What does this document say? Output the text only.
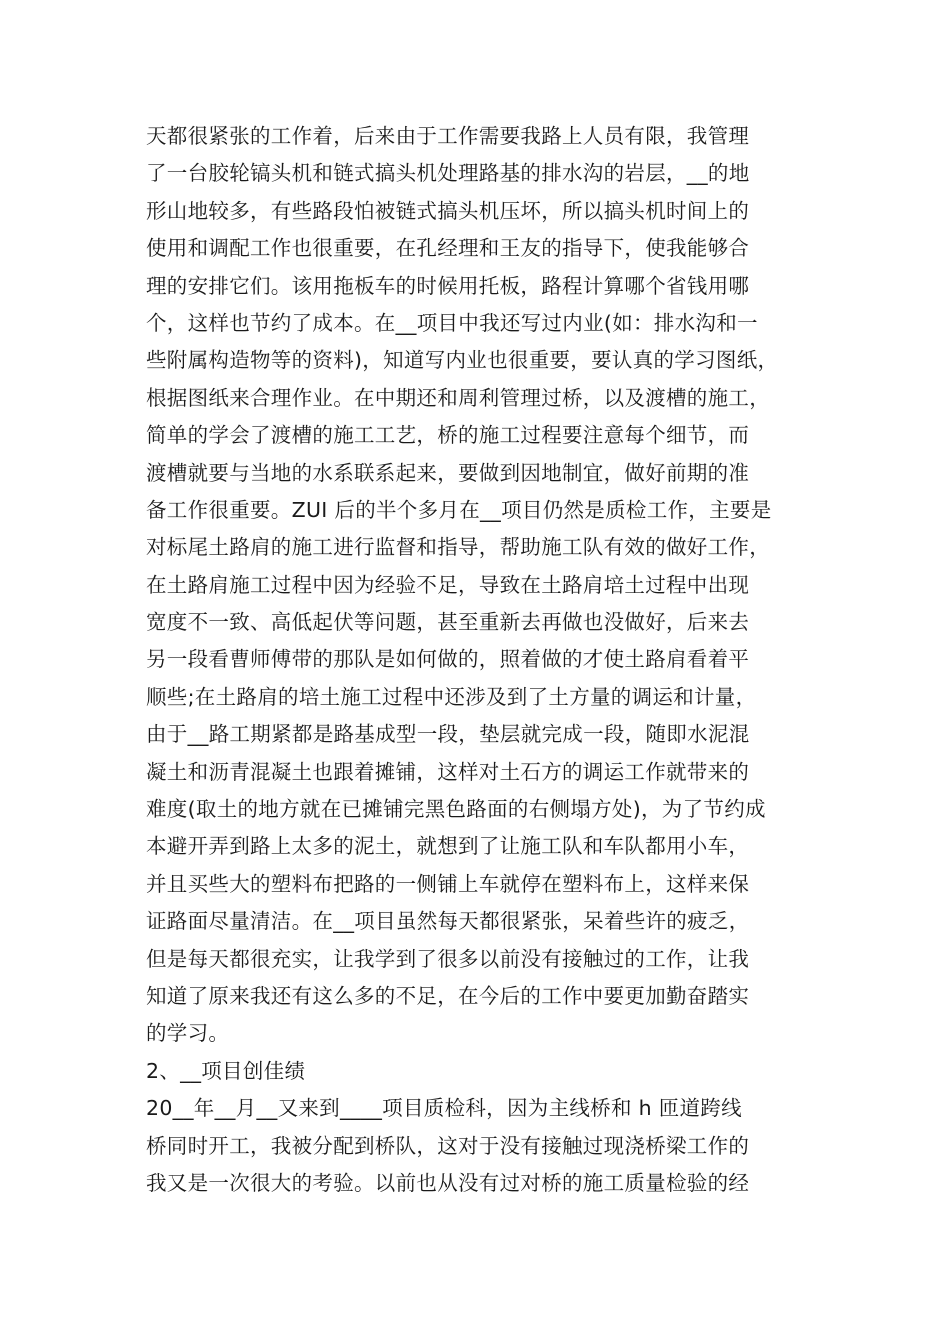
天都很紧张的工作着，后来由于工作需要我路上人员有限，我管理
了一台胶轮镐头机和链式搞头机处理路基的排水沟的岩层，__的地
形山地较多，有些路段怕被链式搞头机压坏，所以搞头机时间上的
使用和调配工作也很重要，在孔经理和王友的指导下，使我能够合
理的安排它们。该用拖板车的时候用托板，路程计算哪个省钱用哪
个，这样也节约了成本。在__项目中我还写过内业(如：排水沟和一
些附属构造物等的资料)，知道写内业也很重要，要认真的学习图纸，
根据图纸来合理作业。在中期还和周利管理过桥，以及渡槽的施工，
简单的学会了渡槽的施工工艺，桥的施工过程要注意每个细节，而
渡槽就要与当地的水系联系起来，要做到因地制宜，做好前期的准
备工作很重要。ZUI 后的半个多月在__项目仍然是质检工作，主要是
对标尾土路肩的施工进行监督和指导，帮助施工队有效的做好工作，
在土路肩施工过程中因为经验不足，导致在土路肩培土过程中出现
宽度不一致、高低起伏等问题，甚至重新去再做也没做好，后来去
另一段看曹师傅带的那队是如何做的，照着做的才使土路肩看着平
顺些;在土路肩的培土施工过程中还涉及到了土方量的调运和计量，
由于__路工期紧都是路基成型一段，垫层就完成一段，随即水泥混
凝土和沥青混凝土也跟着摊铺，这样对土石方的调运工作就带来的
难度(取土的地方就在已摊铺完黑色路面的右侧塌方处)，为了节约成
本避开弄到路上太多的泥土，就想到了让施工队和车队都用小车，
并且买些大的塑料布把路的一侧铺上车就停在塑料布上，这样来保
证路面尽量清洁。在__项目虽然每天都很紧张，呆着些许的疲乏，
但是每天都很充实，让我学到了很多以前没有接触过的工作，让我
知道了原来我还有这么多的不足，在今后的工作中要更加勤奋踏实
的学习。
2、__项目创佳绩
20__年__月__又来到____项目质检科，因为主线桥和 h 匝道跨线
桥同时开工，我被分配到桥队，这对于没有接触过现浇桥梁工作的
我又是一次很大的考验。以前也从没有过对桥的施工质量检验的经
